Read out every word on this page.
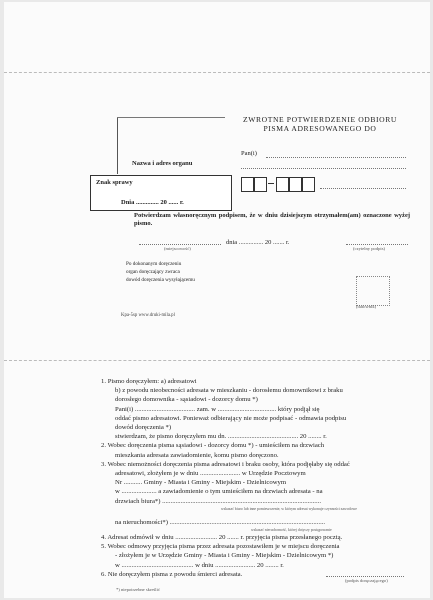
ZWROTNE POTWIERDZENIE ODBIORU
PISMA ADRESOWANEGO DO
Nazwa i adres organu
Znak sprawy
Dnia .............. 20 ...... r.
Pan(i)
Potwierdzam własnoręcznym podpisem, że w dniu dzisiejszym otrzymałem(am) oznaczone wyżej pismo.
dnia ............... 20 ....... r.
(miejscowość)	(czytelny podpis)
Po dokonanym doręczeniu
organ doręczający zwraca
dowód doręczenia wysyłającemu
(datownik)
Kpa-5sp www.druki-mila.pl
1. Pismo doręczyłem: a) adresatowi
b) z powodu nieobecności adresata w mieszkaniu - dorosłemu domownikowi z braku
dorosłego domownika - sąsiadowi - dozorcy domu *)
Pani(i) .................................... zam. w ................................... który podjął się
oddać pismo adresatowi. Ponieważ odbierający nie może podpisać - odmawia podpisu
dowód doręczenia *)
stwierdzam, że pismo doręczyłem mu dn. .......................................... 20 ........ r.
2. Wobec doręczenia pisma sąsiadowi - dozorcy domu *) - umieściłem na drzwiach
mieszkania adresata zawiadomienie, komu pismo doręczono.
3. Wobec niemożności doręczenia pisma adresatowi i braku osoby, która podjęłaby się oddać
adresatowi, złożyłem je w dniu ........................ w Urzędzie Pocztowym
Nr ........... Gminy - Miasta i Gminy - Miejskim - Dzielnicowym
w ..................... a zawiadomienie o tym umieściłem na drzwiach adresata - na
drzwiach biura*) ...............................................................................................
wskazać biuro lub inne pomieszczenie, w którym adresat wykonuje czynności zawodowe
na nieruchomości*) .............................................................................................
wskazać nieruchomość, której dotyczy postępowanie
4. Adresat odmówił w dniu ......................... 20 ....... r. przyjęcia pisma przesłanego pocztą.
5. Wobec odmowy przyjęcia pisma przez adresata pozostawiłem je w miejscu doręczenia
- złożyłem je w Urzędzie Gminy - Miasta i Gminy - Miejskim - Dzielnicowym *)
w ........................................... w dniu ........................ 20 ........ r.
6. Nie doręczyłem pisma z powodu śmierci adresata.
(podpis doręczającego)
*) niepotrzebne skreślić
